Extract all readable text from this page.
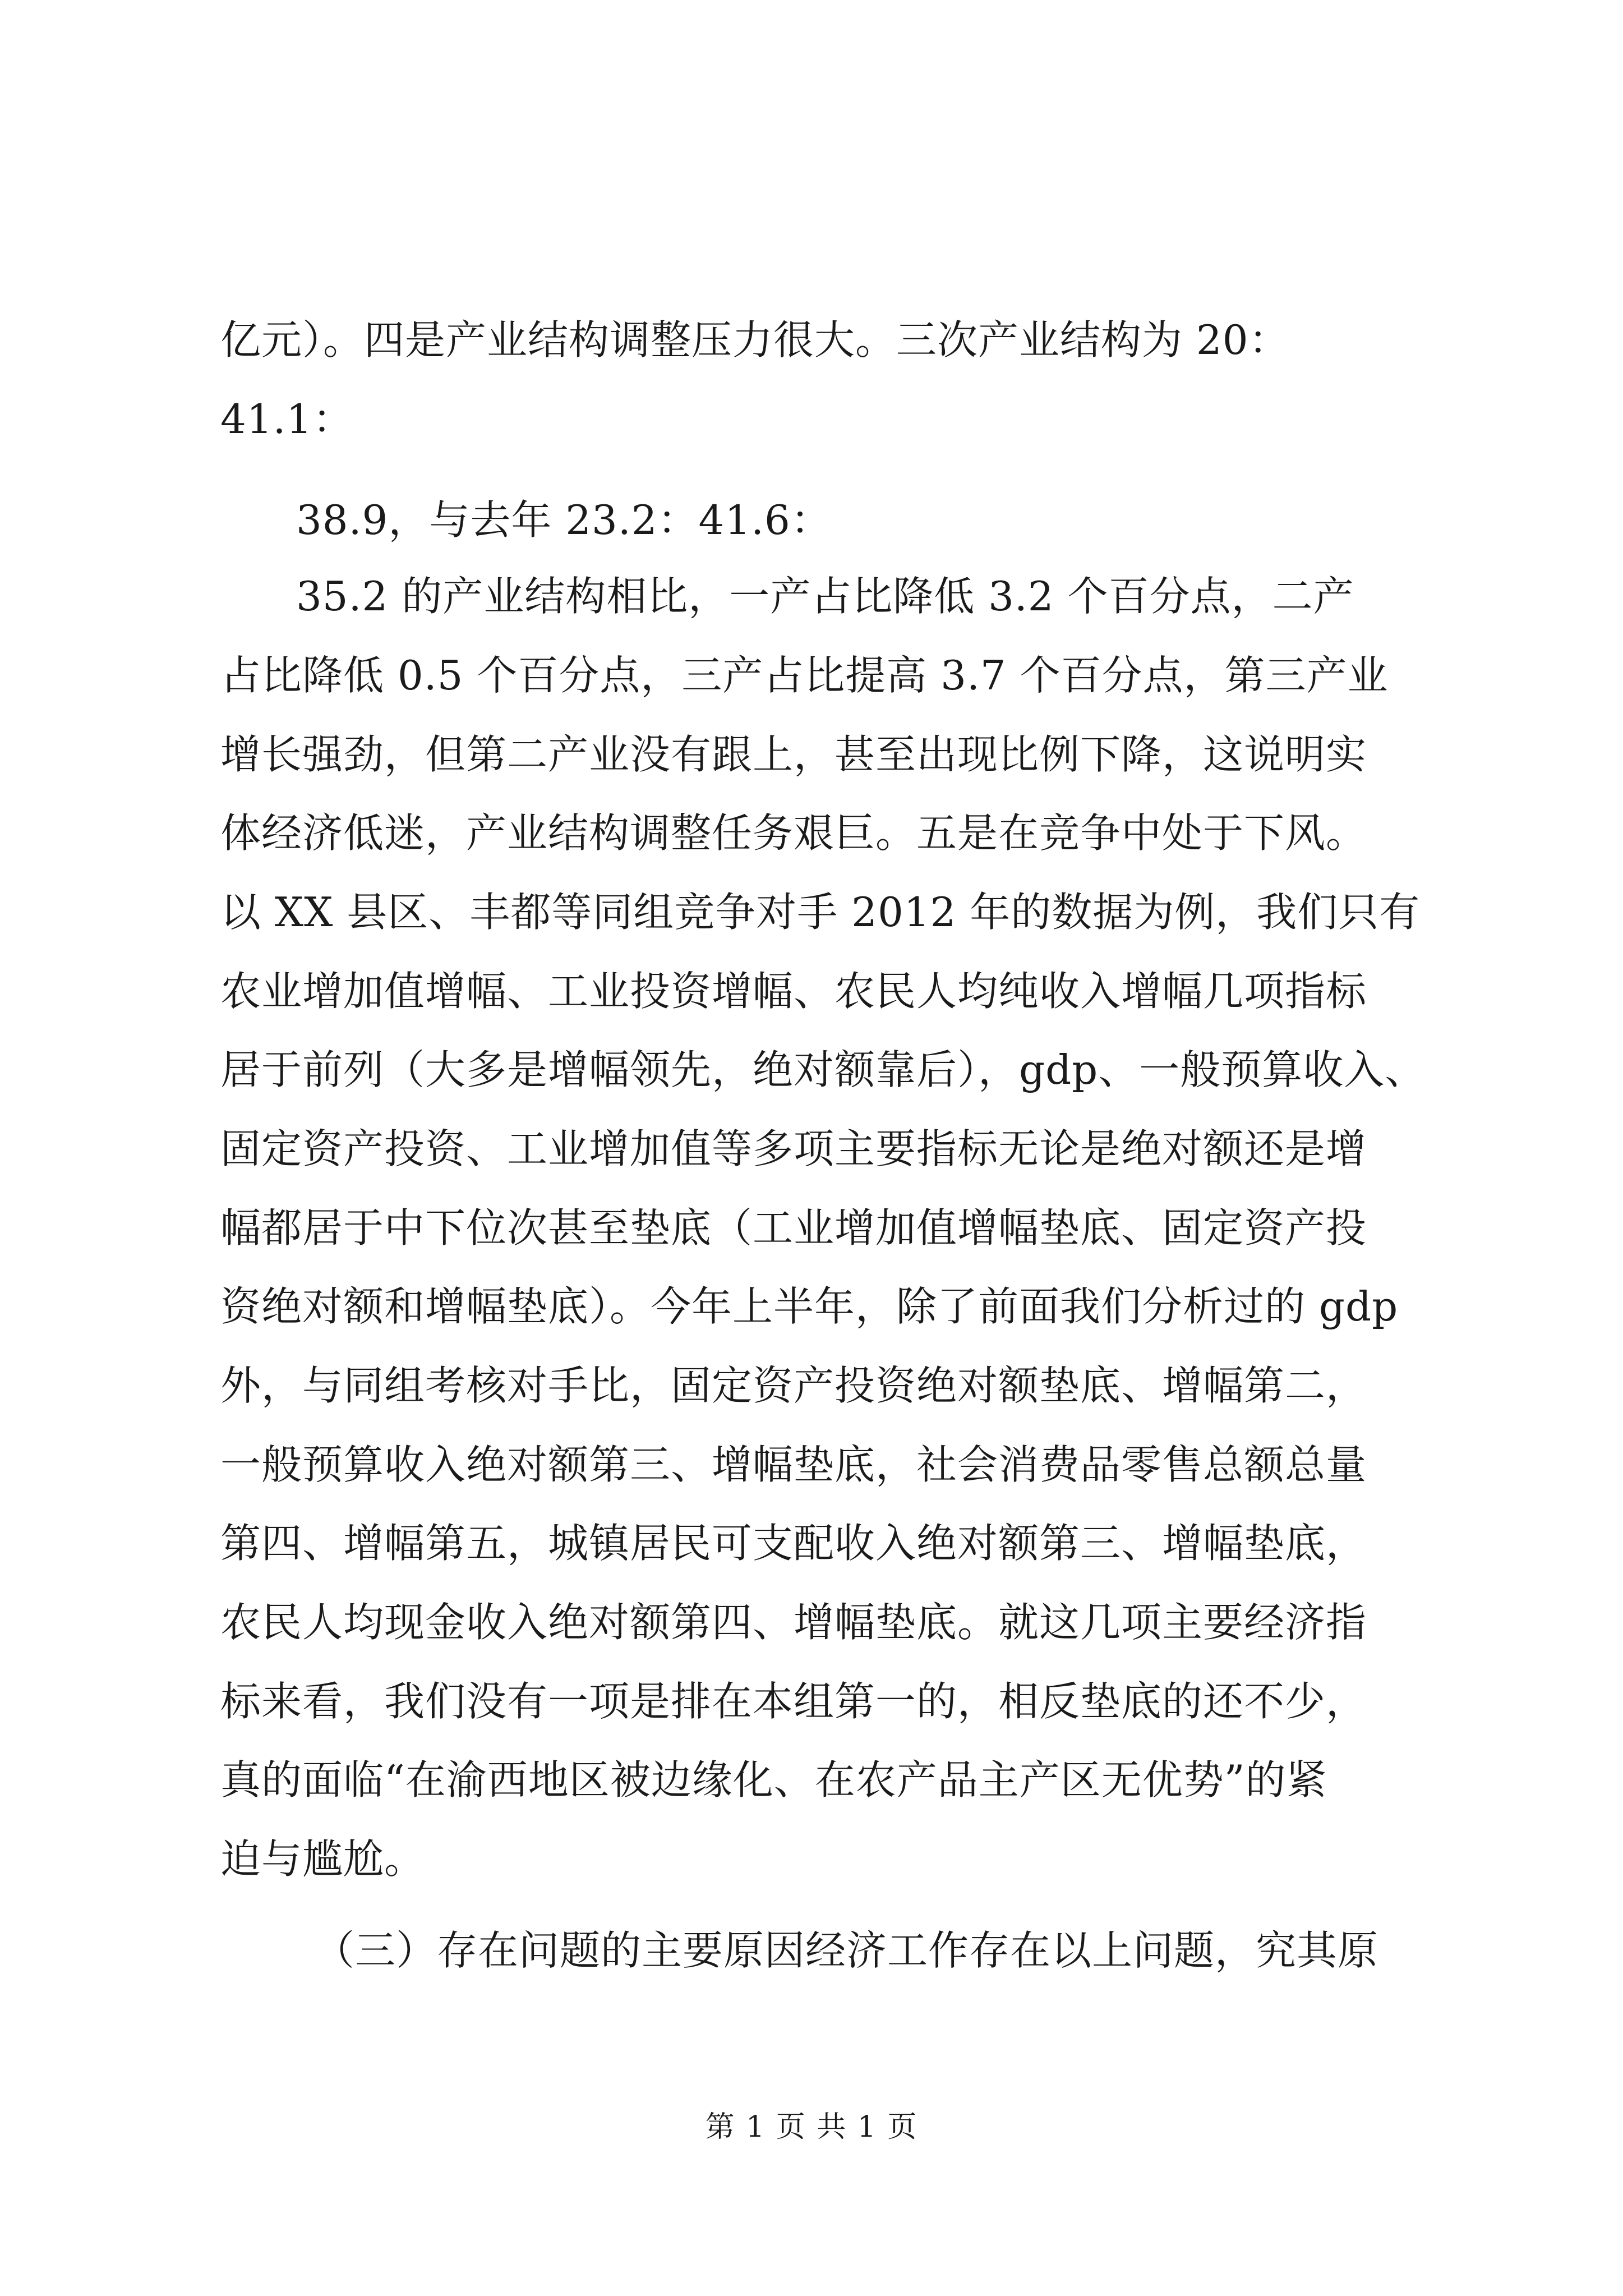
亿元）。四是产业结构调整压力很大。三次产业结构为 20：
41.1：
38.9，与去年 23.2：41.6：
35.2 的产业结构相比，一产占比降低 3.2 个百分点，二产
占比降低 0.5 个百分点，三产占比提高 3.7 个百分点，第三产业
增长强劲，但第二产业没有跟上，甚至出现比例下降，这说明实
体经济低迷，产业结构调整任务艰巨。五是在竞争中处于下风。
以 XX 县区、丰都等同组竞争对手 2012 年的数据为例，我们只有
农业增加值增幅、工业投资增幅、农民人均纯收入增幅几项指标
居于前列（大多是增幅领先，绝对额靠后），gdp、一般预算收入、
固定资产投资、工业增加值等多项主要指标无论是绝对额还是增
幅都居于中下位次甚至垫底（工业增加值增幅垫底、固定资产投
资绝对额和增幅垫底）。今年上半年，除了前面我们分析过的 gdp
外，与同组考核对手比，固定资产投资绝对额垫底、增幅第二，
一般预算收入绝对额第三、增幅垫底，社会消费品零售总额总量
第四、增幅第五，城镇居民可支配收入绝对额第三、增幅垫底，
农民人均现金收入绝对额第四、增幅垫底。就这几项主要经济指
标来看，我们没有一项是排在本组第一的，相反垫底的还不少，
真的面临“在渝西地区被边缘化、在农产品主产区无优势”的紧
迫与尴尬。
（三）存在问题的主要原因经济工作存在以上问题，究其原
第 1 页 共 1 页
